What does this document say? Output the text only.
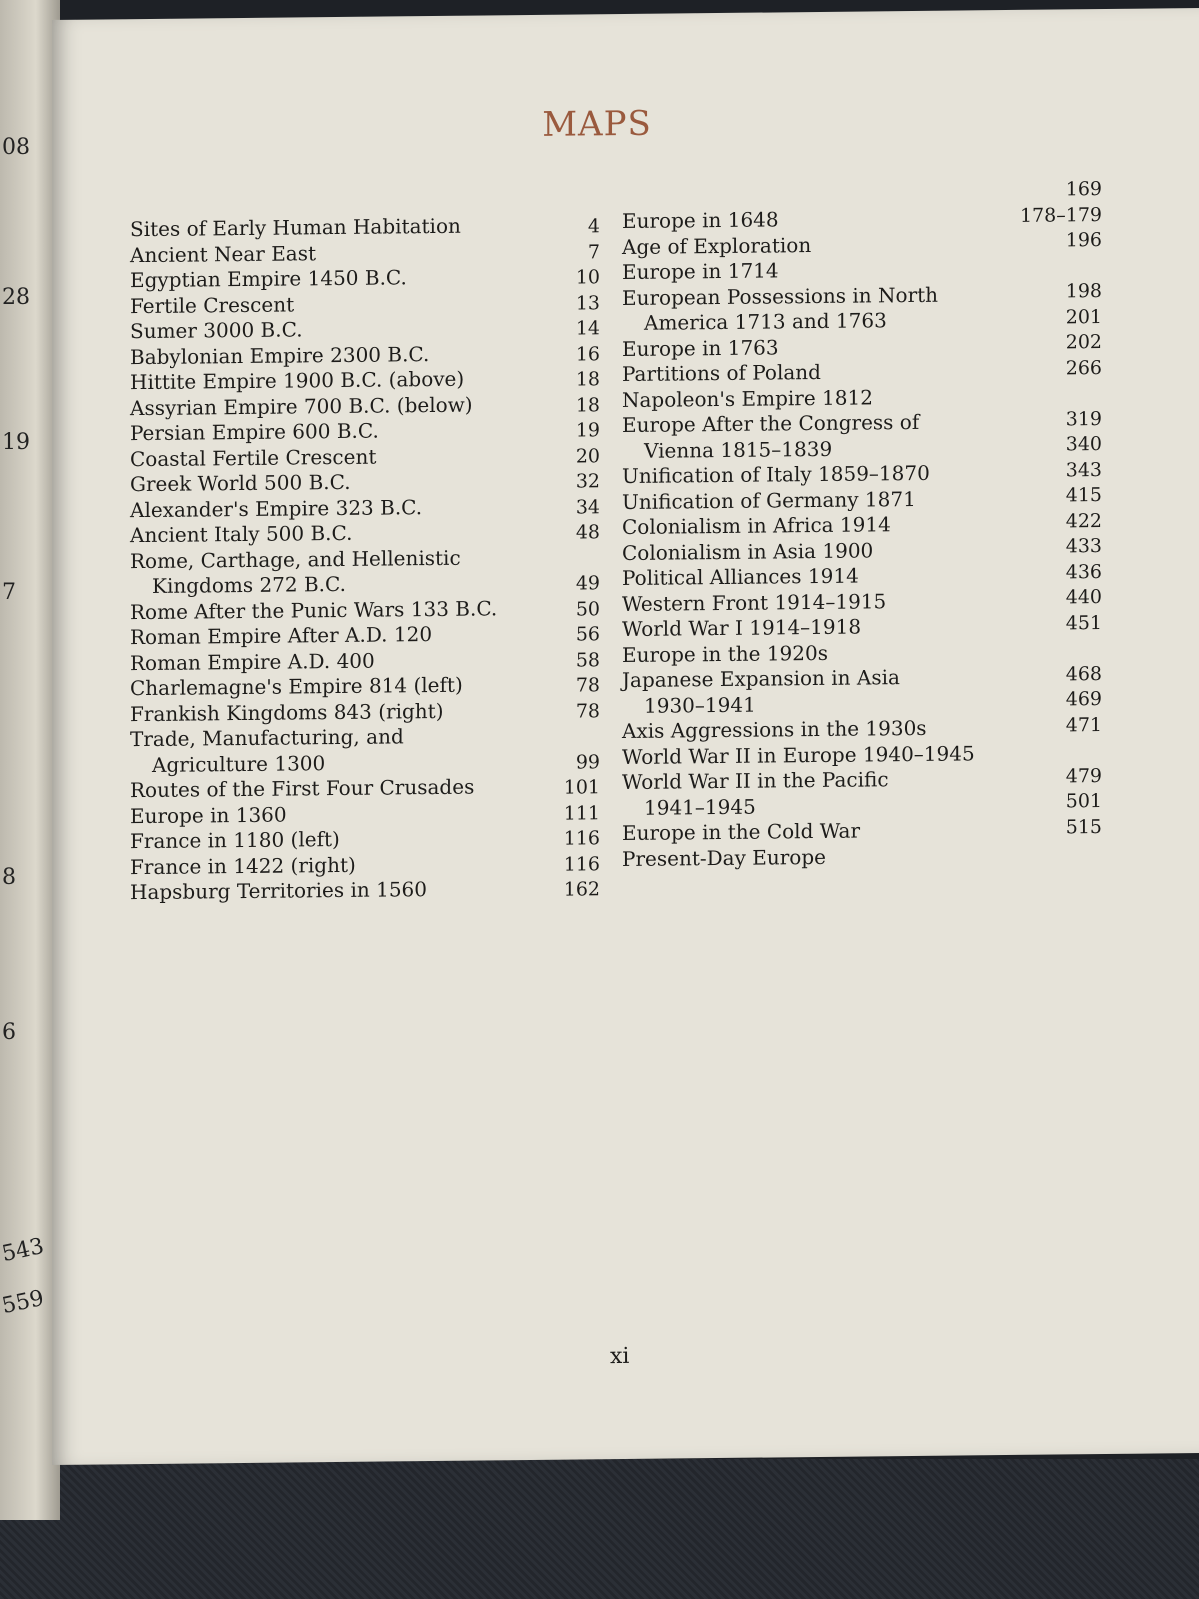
08
28
19
7
8
6
543
559
MAPS
Sites of Early Human Habitation
Ancient Near East
Egyptian Empire 1450 B.C.
Fertile Crescent
Sumer 3000 B.C.
Babylonian Empire 2300 B.C.
Hittite Empire 1900 B.C. (above)
Assyrian Empire 700 B.C. (below)
Persian Empire 600 B.C.
Coastal Fertile Crescent
Greek World 500 B.C.
Alexander's Empire 323 B.C.
Ancient Italy 500 B.C.
Rome, Carthage, and Hellenistic
Kingdoms 272 B.C.
Rome After the Punic Wars 133 B.C.
Roman Empire After A.D. 120
Roman Empire A.D. 400
Charlemagne's Empire 814 (left)
Frankish Kingdoms 843 (right)
Trade, Manufacturing, and
Agriculture 1300
Routes of the First Four Crusades
Europe in 1360
France in 1180 (left)
France in 1422 (right)
Hapsburg Territories in 1560
4
7
10
13
14
16
18
18
19
20
32
34
48
49
50
56
58
78
78
99
101
111
116
116
162
Europe in 1648
Age of Exploration
Europe in 1714
European Possessions in North
America 1713 and 1763
Europe in 1763
Partitions of Poland
Napoleon's Empire 1812
Europe After the Congress of
Vienna 1815–1839
Unification of Italy 1859–1870
Unification of Germany 1871
Colonialism in Africa 1914
Colonialism in Asia 1900
Political Alliances 1914
Western Front 1914–1915
World War I 1914–1918
Europe in the 1920s
Japanese Expansion in Asia
1930–1941
Axis Aggressions in the 1930s
World War II in Europe 1940–1945
World War II in the Pacific
1941–1945
Europe in the Cold War
Present-Day Europe
169
178–179
196
198
201
202
266
319
340
343
415
422
433
436
440
451
468
469
471
479
501
515
xi
